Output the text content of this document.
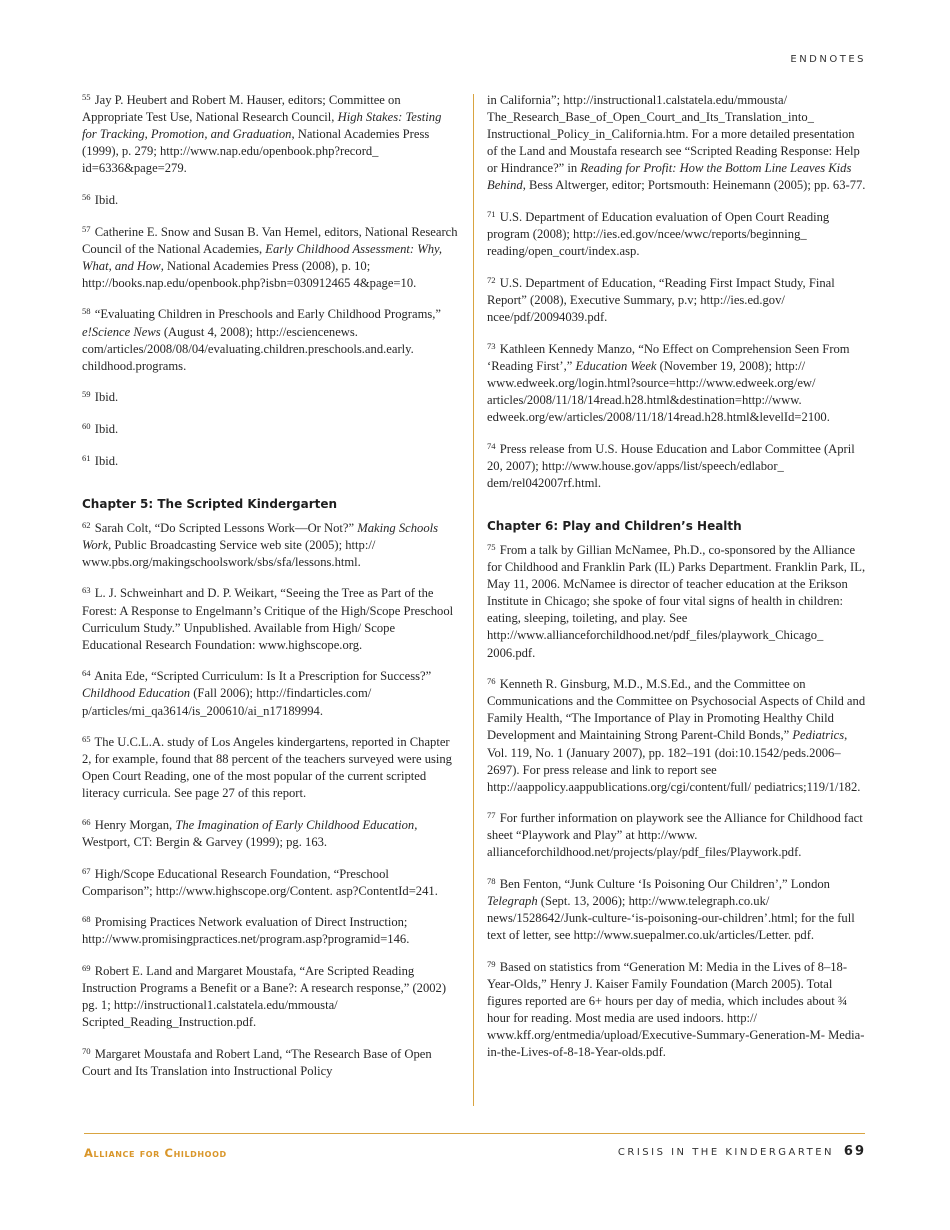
ENDNOTES
$^{55}$ Jay P. Heubert and Robert M. Hauser, editors; Committee on Appropriate Test Use, National Research Council, High Stakes: Testing for Tracking, Promotion, and Graduation, National Academies Press (1999), p. 279; http://www.nap.edu/openbook.php?record_ id=6336&page=279.
$^{56}$ Ibid.
$^{57}$ Catherine E. Snow and Susan B. Van Hemel, editors, National Research Council of the National Academies, Early Childhood Assessment: Why, What, and How, National Academies Press (2008), p. 10; http://books.nap.edu/openbook.php?isbn=030912465 4&page=10.
$^{58}$ “Evaluating Children in Preschools and Early Childhood Programs,” e!Science News (August 4, 2008); http://esciencenews. com/articles/2008/08/04/evaluating.children.preschools.and.early. childhood.programs.
$^{59}$ Ibid.
$^{60}$ Ibid.
$^{61}$ Ibid.
Chapter 5: The Scripted Kindergarten
$^{62}$ Sarah Colt, “Do Scripted Lessons Work—Or Not?” Making Schools Work, Public Broadcasting Service web site (2005); http:// www.pbs.org/makingschoolswork/sbs/sfa/lessons.html.
$^{63}$ L. J. Schweinhart and D. P. Weikart, “Seeing the Tree as Part of the Forest: A Response to Engelmann’s Critique of the High/Scope Preschool Curriculum Study.” Unpublished. Available from High/ Scope Educational Research Foundation: www.highscope.org.
$^{64}$ Anita Ede, “Scripted Curriculum: Is It a Prescription for Success?” Childhood Education (Fall 2006); http://findarticles.com/ p/articles/mi_qa3614/is_200610/ai_n17189994.
$^{65}$ The U.C.L.A. study of Los Angeles kindergartens, reported in Chapter 2, for example, found that 88 percent of the teachers surveyed were using Open Court Reading, one of the most popular of the current scripted literacy curricula. See page 27 of this report.
$^{66}$ Henry Morgan, The Imagination of Early Childhood Education, Westport, CT: Bergin & Garvey (1999); pg. 163.
$^{67}$ High/Scope Educational Research Foundation, “Preschool Comparison”; http://www.highscope.org/Content. asp?ContentId=241.
$^{68}$ Promising Practices Network evaluation of Direct Instruction; http://www.promisingpractices.net/program.asp?programid=146.
$^{69}$ Robert E. Land and Margaret Moustafa, “Are Scripted Reading Instruction Programs a Benefit or a Bane?: A research response,” (2002) pg. 1; http://instructional1.calstatela.edu/mmousta/ Scripted_Reading_Instruction.pdf.
$^{70}$ Margaret Moustafa and Robert Land, “The Research Base of Open Court and Its Translation into Instructional Policy
in California”; http://instructional1.calstatela.edu/mmousta/ The_Research_Base_of_Open_Court_and_Its_Translation_into_ Instructional_Policy_in_California.htm. For a more detailed presentation of the Land and Moustafa research see “Scripted Reading Response: Help or Hindrance?” in Reading for Profit: How the Bottom Line Leaves Kids Behind, Bess Altwerger, editor; Portsmouth: Heinemann (2005); pp. 63-77.
$^{71}$ U.S. Department of Education evaluation of Open Court Reading program (2008); http://ies.ed.gov/ncee/wwc/reports/beginning_ reading/open_court/index.asp.
$^{72}$ U.S. Department of Education, “Reading First Impact Study, Final Report” (2008), Executive Summary, p.v; http://ies.ed.gov/ ncee/pdf/20094039.pdf.
$^{73}$ Kathleen Kennedy Manzo, “No Effect on Comprehension Seen From ‘Reading First’,” Education Week (November 19, 2008); http:// www.edweek.org/login.html?source=http://www.edweek.org/ew/ articles/2008/11/18/14read.h28.html&destination=http://www. edweek.org/ew/articles/2008/11/18/14read.h28.html&levelId=2100.
$^{74}$ Press release from U.S. House Education and Labor Committee (April 20, 2007); http://www.house.gov/apps/list/speech/edlabor_ dem/rel042007rf.html.
Chapter 6: Play and Children’s Health
$^{75}$ From a talk by Gillian McNamee, Ph.D., co-sponsored by the Alliance for Childhood and Franklin Park (IL) Parks Department. Franklin Park, IL, May 11, 2006. McNamee is director of teacher education at the Erikson Institute in Chicago; she spoke of four vital signs of health in children: eating, sleeping, toileting, and play. See http://www.allianceforchildhood.net/pdf_files/playwork_Chicago_ 2006.pdf.
$^{76}$ Kenneth R. Ginsburg, M.D., M.S.Ed., and the Committee on Communications and the Committee on Psychosocial Aspects of Child and Family Health, “The Importance of Play in Promoting Healthy Child Development and Maintaining Strong Parent-Child Bonds,” Pediatrics, Vol. 119, No. 1 (January 2007), pp. 182–191 (doi:10.1542/peds.2006–2697). For press release and link to report see http://aappolicy.aappublications.org/cgi/content/full/ pediatrics;119/1/182.
$^{77}$ For further information on playwork see the Alliance for Childhood fact sheet “Playwork and Play” at http://www. allianceforchildhood.net/projects/play/pdf_files/Playwork.pdf.
$^{78}$ Ben Fenton, “Junk Culture ‘Is Poisoning Our Children’,” London Telegraph (Sept. 13, 2006); http://www.telegraph.co.uk/ news/1528642/Junk-culture-‘is-poisoning-our-children’.html; for the full text of letter, see http://www.suepalmer.co.uk/articles/Letter. pdf.
$^{79}$ Based on statistics from “Generation M: Media in the Lives of 8–18-Year-Olds,” Henry J. Kaiser Family Foundation (March 2005). Total figures reported are 6+ hours per day of media, which includes about ¾ hour for reading. Most media are used indoors. http:// www.kff.org/entmedia/upload/Executive-Summary-Generation-M- Media-in-the-Lives-of-8-18-Year-olds.pdf.
Alliance for Childhood	CRISIS IN THE KINDERGARTEN 69
